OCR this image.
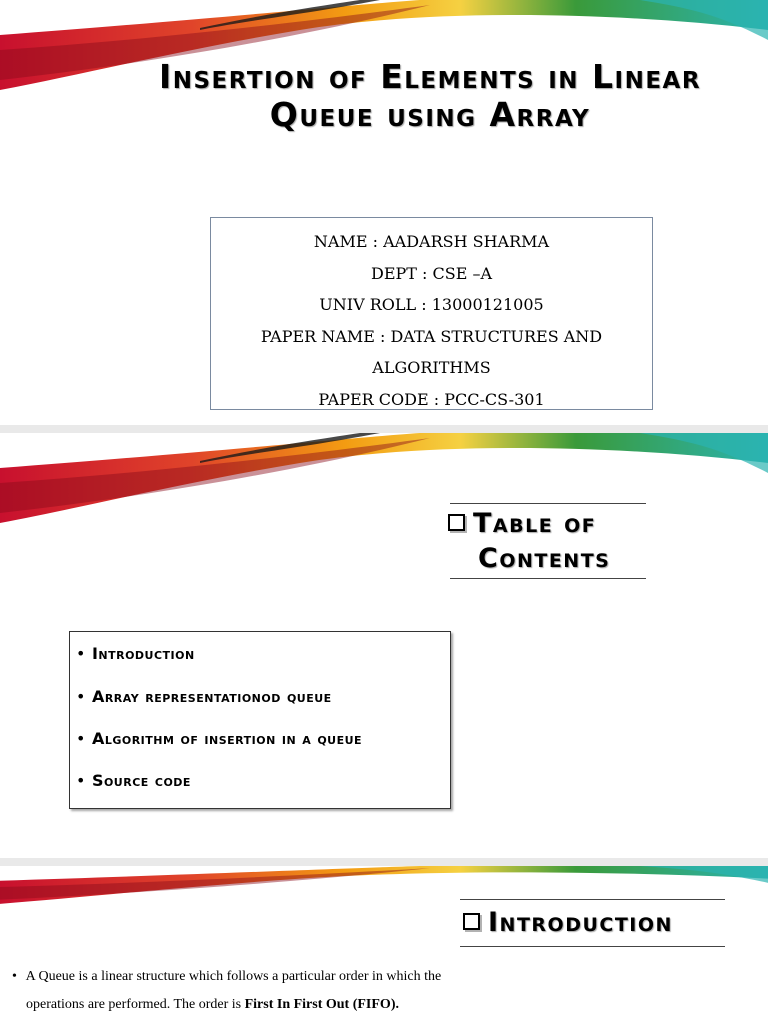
Insertion of Elements in Linear Queue using Array
NAME : AADARSH SHARMA
DEPT : CSE –A
UNIV ROLL : 13000121005
PAPER NAME : DATA STRUCTURES AND
ALGORITHMS
PAPER CODE : PCC-CS-301
Table of
Contents
• Introduction
• Array representationod queue
• Algorithm of insertion in a queue
• Source code
Introduction
• A Queue is a linear structure which follows a particular order in which the
operations are performed. The order is First In First Out (FIFO).
